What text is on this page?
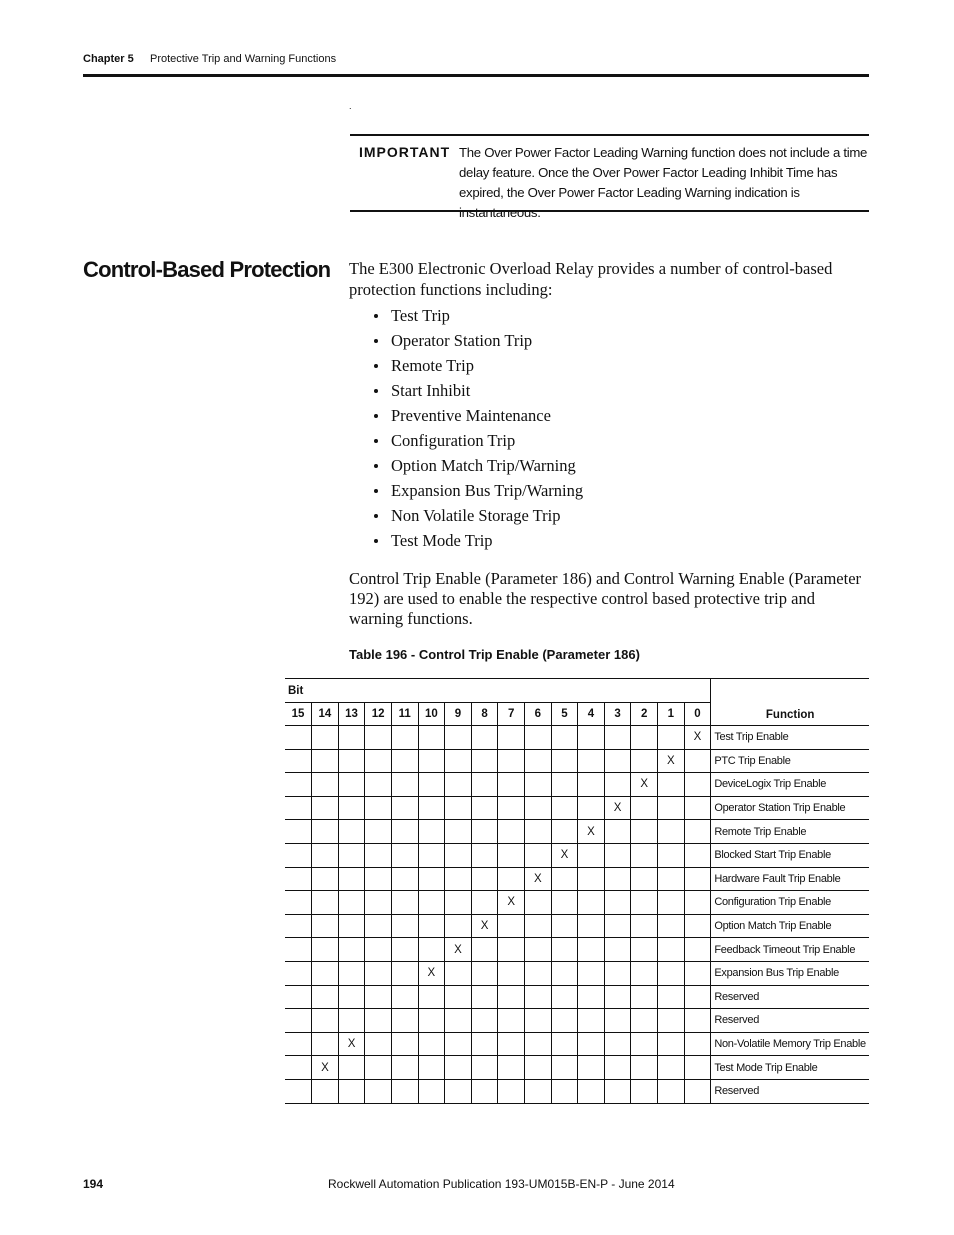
Chapter 5 Protective Trip and Warning Functions
.
IMPORTANT The Over Power Factor Leading Warning function does not include a time delay feature. Once the Over Power Factor Leading Inhibit Time has expired, the Over Power Factor Leading Warning indication is instantaneous.
Control-Based Protection The E300 Electronic Overload Relay provides a number of control-based protection functions including:
Test Trip
Operator Station Trip
Remote Trip
Start Inhibit
Preventive Maintenance
Configuration Trip
Option Match Trip/Warning
Expansion Bus Trip/Warning
Non Volatile Storage Trip
Test Mode Trip
Control Trip Enable (Parameter 186) and Control Warning Enable (Parameter 192) are used to enable the respective control based protective trip and warning functions.
Table 196 - Control Trip Enable (Parameter 186)
Bit																Function
15	14	13	12	11	10	9	8	7	6	5	4	3	2	1	0	
															X	Test Trip Enable
														X		PTC Trip Enable
													X			DeviceLogix Trip Enable
												X				Operator Station Trip Enable
											X					Remote Trip Enable
										X						Blocked Start Trip Enable
									X							Hardware Fault Trip Enable
								X								Configuration Trip Enable
							X									Option Match Trip Enable
						X										Feedback Timeout Trip Enable
					X											Expansion Bus Trip Enable
																Reserved
																Reserved
		X														Non-Volatile Memory Trip Enable
	X															Test Mode Trip Enable
																Reserved
194	Rockwell Automation Publication 193-UM015B-EN-P - June 2014
